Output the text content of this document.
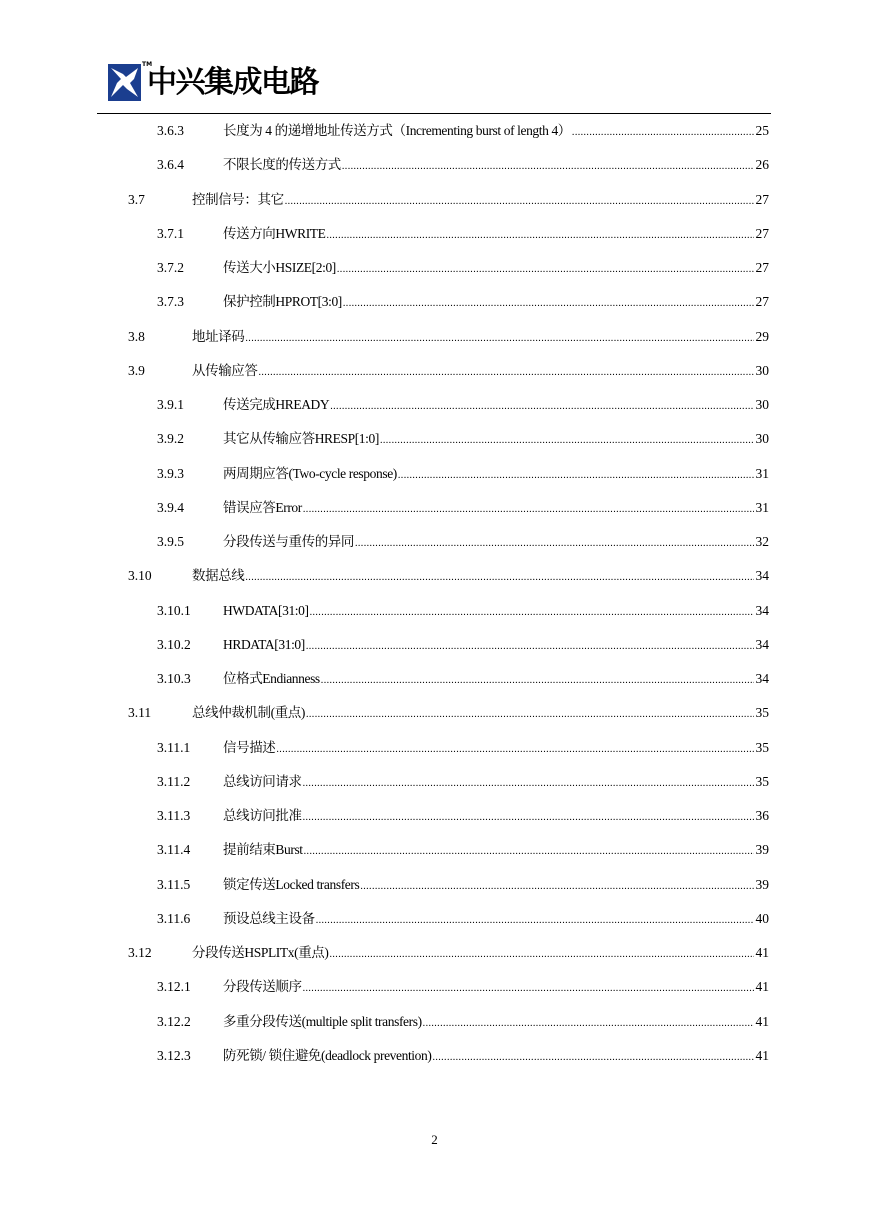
TM
中兴集成电路
3.6.3	长度为 4 的递增地址传送方式（Incrementing burst of length 4） .....	25
3.6.4	不限长度的传送方式 .....	26
3.7	控制信号：其它 .....	27
3.7.1	传送方向HWRITE .....	27
3.7.2	传送大小HSIZE[2:0] .....	27
3.7.3	保护控制HPROT[3:0] .....	27
3.8	地址译码 .....	29
3.9	从传输应答 .....	30
3.9.1	传送完成HREADY .....	30
3.9.2	其它从传输应答HRESP[1:0] .....	30
3.9.3	两周期应答(Two-cycle response) .....	31
3.9.4	错误应答Error .....	31
3.9.5	分段传送与重传的异同 .....	32
3.10	数据总线 .....	34
3.10.1	HWDATA[31:0] .....	34
3.10.2	HRDATA[31:0] .....	34
3.10.3	位格式Endianness .....	34
3.11	总线仲裁机制(重点) .....	35
3.11.1	信号描述 .....	35
3.11.2	总线访问请求 .....	35
3.11.3	总线访问批准 .....	36
3.11.4	提前结束Burst .....	39
3.11.5	锁定传送Locked transfers .....	39
3.11.6	预设总线主设备 .....	40
3.12	分段传送HSPLITx(重点) .....	41
3.12.1	分段传送顺序 .....	41
3.12.2	多重分段传送(multiple split transfers) .....	41
3.12.3	防死锁/ 锁住避免(deadlock prevention) .....	41
2
